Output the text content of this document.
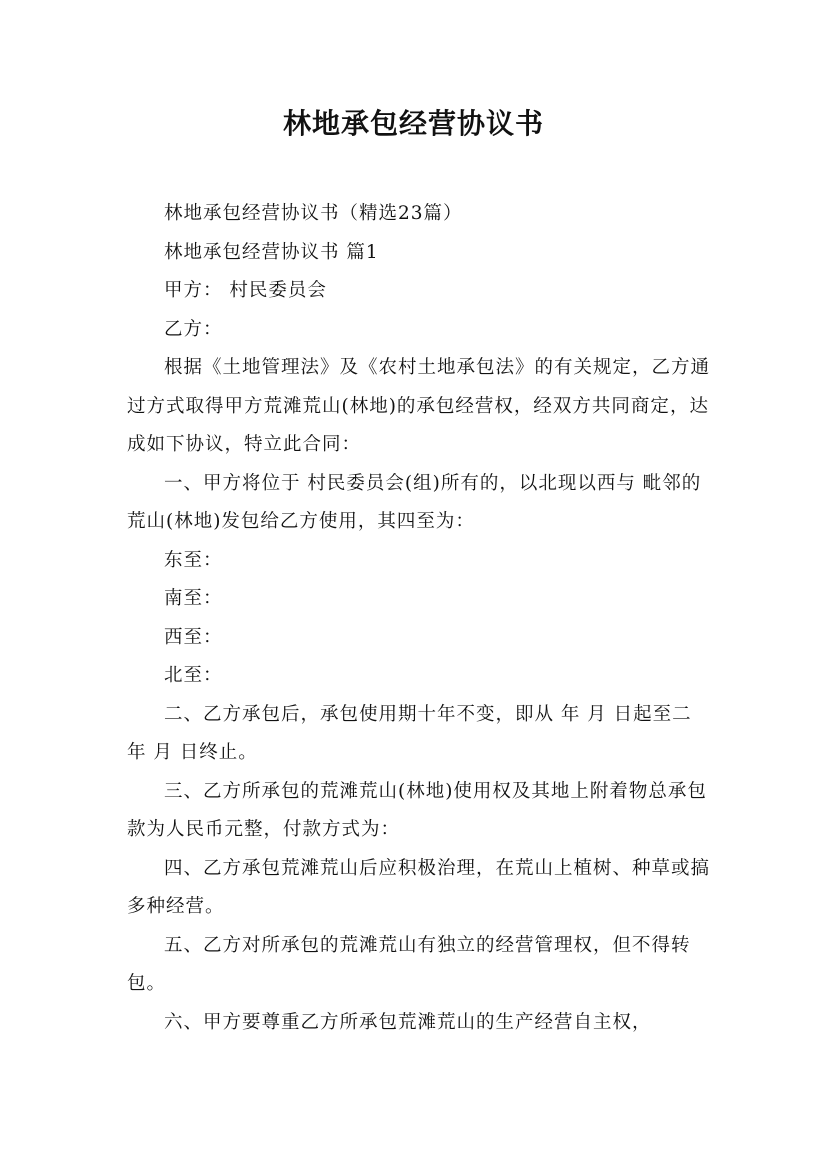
林地承包经营协议书

林地承包经营协议书（精选23篇）

林地承包经营协议书 篇1

甲方： 村民委员会

乙方：

根据《土地管理法》及《农村土地承包法》的有关规定，乙方通过方式取得甲方荒滩荒山(林地)的承包经营权，经双方共同商定，达成如下协议，特立此合同：

一、甲方将位于 村民委员会(组)所有的，以北现以西与 毗邻的荒山(林地)发包给乙方使用，其四至为：

东至：

南至：

西至：

北至：

二、乙方承包后，承包使用期十年不变，即从 年 月 日起至二 年 月 日终止。

三、乙方所承包的荒滩荒山(林地)使用权及其地上附着物总承包款为人民币元整，付款方式为：

四、乙方承包荒滩荒山后应积极治理，在荒山上植树、种草或搞多种经营。

五、乙方对所承包的荒滩荒山有独立的经营管理权，但不得转包。

六、甲方要尊重乙方所承包荒滩荒山的生产经营自主权，
